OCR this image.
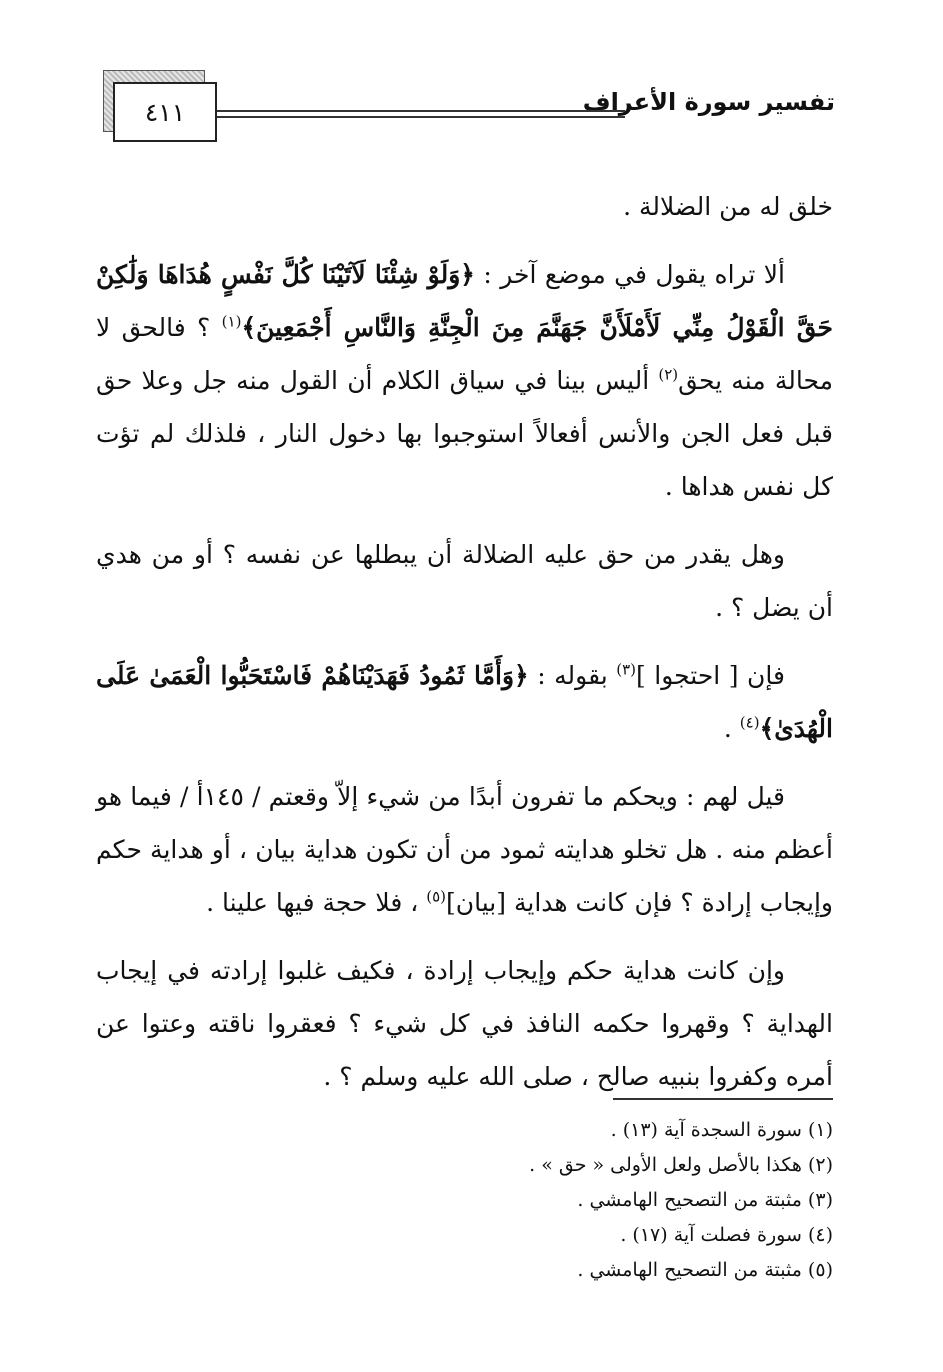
تفسير سورة الأعراف
٤١١

خلق له من الضلالة .

ألا تراه يقول في موضع آخر : ﴿وَلَوْ شِئْنَا لَآتَيْنَا كُلَّ نَفْسٍ هُدَاهَا وَلَٰكِنْ حَقَّ الْقَوْلُ مِنِّي لَأَمْلَأَنَّ جَهَنَّمَ مِنَ الْجِنَّةِ وَالنَّاسِ أَجْمَعِينَ﴾$^{(١)}$ ؟ فالحق لا محالة منه يحق$^{(٢)}$ أليس بينا في سياق الكلام أن القول منه جل وعلا حق قبل فعل الجن والأنس أفعالاً استوجبوا بها دخول النار ، فلذلك لم تؤت كل نفس هداها .

وهل يقدر من حق عليه الضلالة أن يبطلها عن نفسه ؟ أو من هدي أن يضل ؟ .

فإن [ احتجوا ]$^{(٣)}$ بقوله : ﴿وَأَمَّا ثَمُودُ فَهَدَيْنَاهُمْ فَاسْتَحَبُّوا الْعَمَىٰ عَلَى الْهُدَىٰ﴾$^{(٤)}$ .

قيل لهم : ويحكم ما تفرون أبدًا من شيء إلاّ وقعتم / ١٤٥أ / فيما هو أعظم منه . هل تخلو هدايته ثمود من أن تكون هداية بيان ، أو هداية حكم وإيجاب إرادة ؟ فإن كانت هداية [بيان]$^{(٥)}$ ، فلا حجة فيها علينا .

وإن كانت هداية حكم وإيجاب إرادة ، فكيف غلبوا إرادته في إيجاب الهداية ؟ وقهروا حكمه النافذ في كل شيء ؟ فعقروا ناقته وعتوا عن أمره وكفروا بنبيه صالح ، صلى الله عليه وسلم ؟ .

(١) سورة السجدة آية (١٣) .
(٢) هكذا بالأصل ولعل الأولى « حق » .
(٣) مثبتة من التصحيح الهامشي .
(٤) سورة فصلت آية (١٧) .
(٥) مثبتة من التصحيح الهامشي .
